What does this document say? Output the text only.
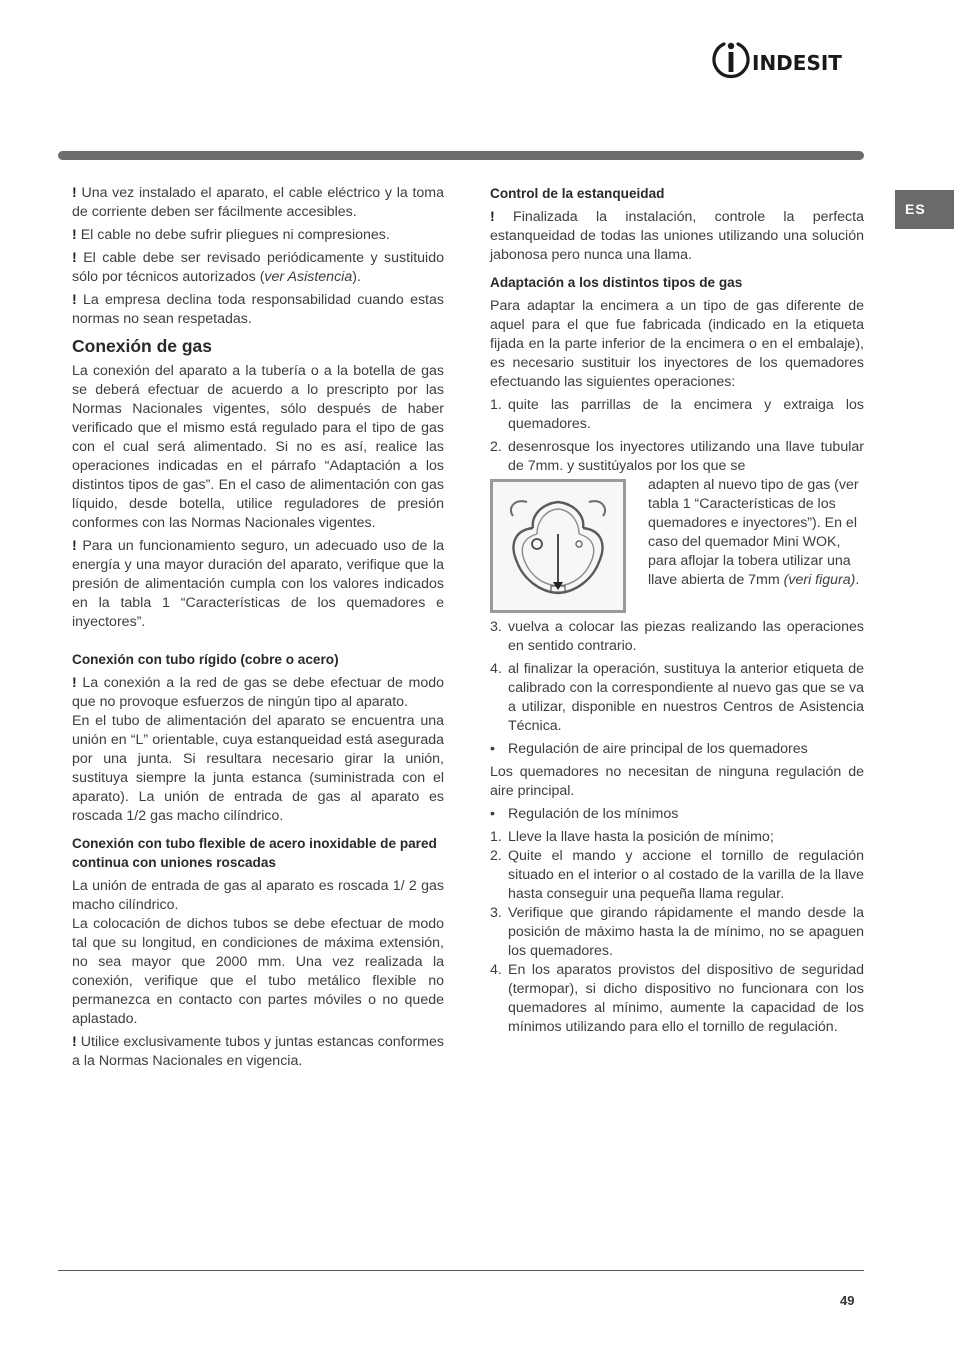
indesit
ES

! Una vez instalado el aparato, el cable eléctrico y la toma de corriente deben ser fácilmente accesibles.

! El cable no debe sufrir pliegues ni compresiones.

! El cable debe ser revisado periódicamente y sustituido sólo por técnicos autorizados (ver Asistencia).

! La empresa declina toda responsabilidad cuando estas normas no sean respetadas.

Conexión de gas

La conexión del aparato a la tubería o a la botella de gas se deberá efectuar de acuerdo a lo prescripto por las Normas Nacionales vigentes, sólo después de haber verificado que el mismo está regulado para el tipo de gas con el cual será alimentado. Si no es así, realice las operaciones indicadas en el párrafo “Adaptación a los distintos tipos de gas”. En el caso de alimentación con gas líquido, desde botella, utilice reguladores de presión conformes con las Normas Nacionales vigentes.

! Para un funcionamiento seguro, un adecuado uso de la energía y una mayor duración del aparato, verifique que la presión de alimentación cumpla con los valores indicados en la tabla 1 “Características de los quemadores e inyectores”.

Conexión con tubo rígido (cobre o acero)

! La conexión a la red de gas se debe efectuar de modo que no provoque esfuerzos de ningún tipo al aparato.

En el tubo de alimentación del aparato se encuentra una unión en “L” orientable, cuya estanqueidad está asegurada por una junta. Si resultara necesario girar la unión, sustituya siempre la junta estanca (suministrada con el aparato). La unión de entrada de gas al aparato es roscada 1/2 gas macho cilíndrico.

Conexión con tubo flexible de acero inoxidable de pared continua con uniones roscadas

La unión de entrada de gas al aparato es roscada 1/ 2 gas macho cilíndrico.

La colocación de dichos tubos se debe efectuar de modo tal que su longitud, en condiciones de máxima extensión, no sea mayor que 2000 mm. Una vez realizada la conexión, verifique que el tubo metálico flexible no permanezca en contacto con partes móviles o no quede aplastado.

! Utilice exclusivamente tubos y juntas estancas conformes a la Normas Nacionales en vigencia.

Control de la estanqueidad

! Finalizada la instalación, controle la perfecta estanqueidad de todas las uniones utilizando una solución jabonosa pero nunca una llama.

Adaptación a los distintos tipos de gas

Para adaptar la encimera a un tipo de gas diferente de aquel para el que fue fabricada (indicado en la etiqueta fijada en la parte inferior de la encimera o en el embalaje), es necesario sustituir los inyectores de los quemadores efectuando las siguientes operaciones:

1. quite las parrillas de la encimera y extraiga los quemadores.
2. desenrosque los inyectores utilizando una llave tubular de 7mm. y sustitúyalos por los que se
adapten al nuevo tipo de gas (ver tabla 1 “Características de los quemadores e inyectores”). En el caso del quemador Mini WOK, para aflojar la tobera utilizar una llave abierta de 7mm (veri figura).
3. vuelva a colocar las piezas realizando las operaciones en sentido contrario.
4. al finalizar la operación, sustituya la anterior etiqueta de calibrado con la correspondiente al nuevo gas que se va a utilizar, disponible en nuestros Centros de Asistencia Técnica.
• Regulación de aire principal de los quemadores

Los quemadores no necesitan de ninguna regulación de aire principal.

• Regulación de los mínimos
1. Lleve la llave hasta la posición de mínimo;
2. Quite el mando y accione el tornillo de regulación situado en el interior o al costado de la varilla de la llave hasta conseguir una pequeña llama regular.
3. Verifique que girando rápidamente el mando desde la posición de máximo hasta la de mínimo, no se apaguen los quemadores.
4. En los aparatos provistos del dispositivo de seguridad (termopar), si dicho dispositivo no funcionara con los quemadores al mínimo, aumente la capacidad de los mínimos utilizando para ello el tornillo de regulación.
49
